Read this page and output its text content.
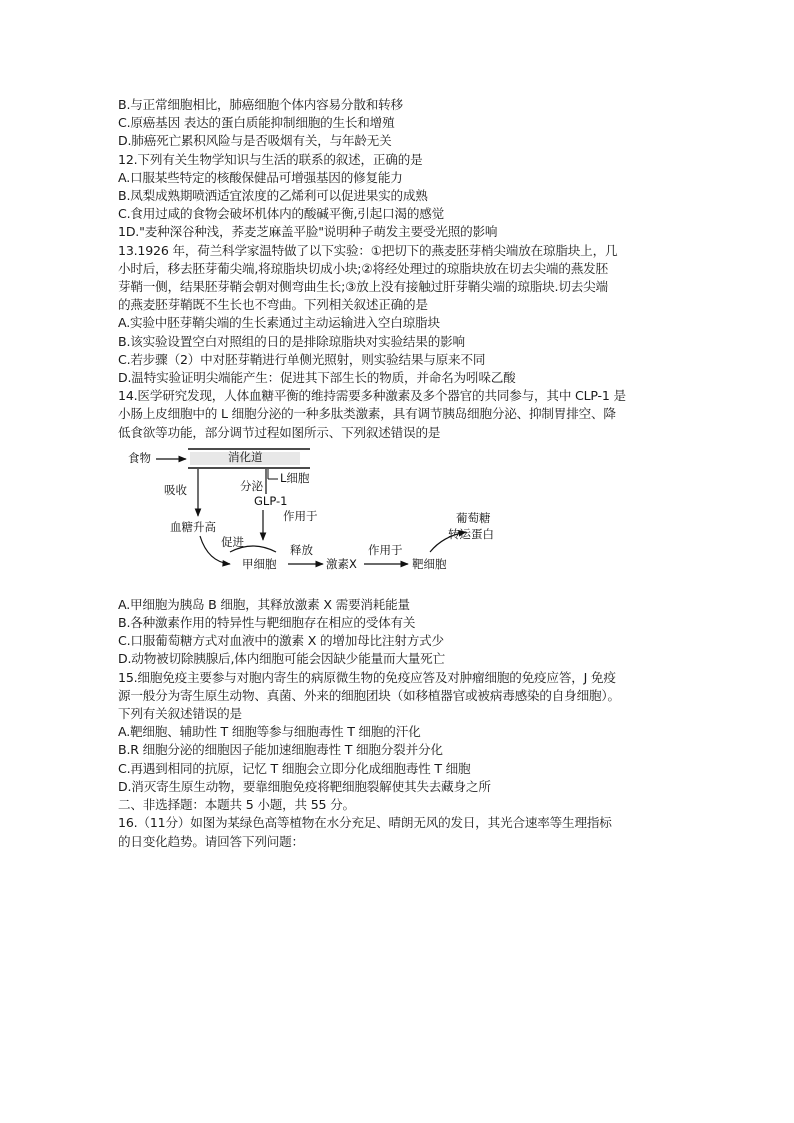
B.与正常细胞相比，肺癌细胞个体内容易分散和转移
C.原癌基因 表达的蛋白质能抑制细胞的生长和增殖
D.肺癌死亡累积风险与是否吸烟有关，与年龄无关
12.下列有关生物学知识与生活的联系的叙述，正确的是
A.口服某些特定的核酸保健品可增强基因的修复能力
B.凤梨成熟期喷洒适宜浓度的乙烯利可以促进果实的成熟
C.食用过咸的食物会破坏机体内的酸碱平衡,引起口渴的感觉
1D."麦种深谷种浅，荞麦芝麻盖平脸"说明种子萌发主要受光照的影响
13.1926 年，荷兰科学家温特做了以下实验：①把切下的燕麦胚芽梢尖端放在琼脂块上，几
小时后，移去胚芽葡尖端,将琼脂块切成小块;②将经处理过的琼脂块放在切去尖端的燕发胚
芽鞘一侧，结果胚芽鞘会朝对侧弯曲生长;③放上没有接触过肝芽鞘尖端的琼脂块.切去尖端
的燕麦胚芽鞘既不生长也不弯曲。下列相关叙述正确的是
A.实验中胚芽鞘尖端的生长素通过主动运输进入空白琼脂块
B.该实验设置空白对照组的日的是排除琼脂块对实验结果的影响
C.若步骤（2）中对胚芽鞘进行单侧光照射，则实验结果与原来不同
D.温特实验证明尖端能产生：促进其下部生长的物质，并命名为吲哚乙酸
14.医学研究发现，人体血糖平衡的维持需要多种激素及多个器官的共同参与，其中 CLP-1 是
小肠上皮细胞中的 L 细胞分泌的一种多肽类激素，具有调节胰岛细胞分泌、抑制胃排空、降
低食欲等功能，部分调节过程如图所示、下列叙述错误的是
食物	消化道
L细胞
吸收	分泌
GLP-1
作用于
血糖升高
促进
释放
甲细胞	激素X
作用于
靶细胞
葡萄糖
转运蛋白
A.甲细胞为胰岛 B 细胞，其释放激素 X 需要消耗能量
B.各种激素作用的特异性与靶细胞存在相应的受体有关
C.口服葡萄糖方式对血液中的激素 X 的增加母比注射方式少
D.动物被切除胰腺后,体内细胞可能会因缺少能量而大量死亡
15.细胞免疫主要参与对胞内寄生的病原微生物的免疫应答及对肿瘤细胞的免疫应答，J 免疫
源一般分为寄生原生动物、真菌、外来的细胞团块（如移植器官或被病毒感染的自身细胞）。
下列有关叙述错误的是
A.靶细胞、辅助性 T 细胞等参与细胞毒性 T 细胞的汗化
B.R 细胞分泌的细胞因子能加速细胞毒性 T 细胞分裂并分化
C.再遇到相同的抗原，记忆 T 细胞会立即分化成细胞毒性 T 细胞
D.消灭寄生原生动物，要靠细胞免疫将靶细胞裂解使其失去藏身之所
二、非选择题：本题共 5 小题，共 55 分。
16.（11分）如图为某绿色高等植物在水分充足、晴朗无风的发日，其光合速率等生理指标
的日变化趋势。请回答下列问题：
